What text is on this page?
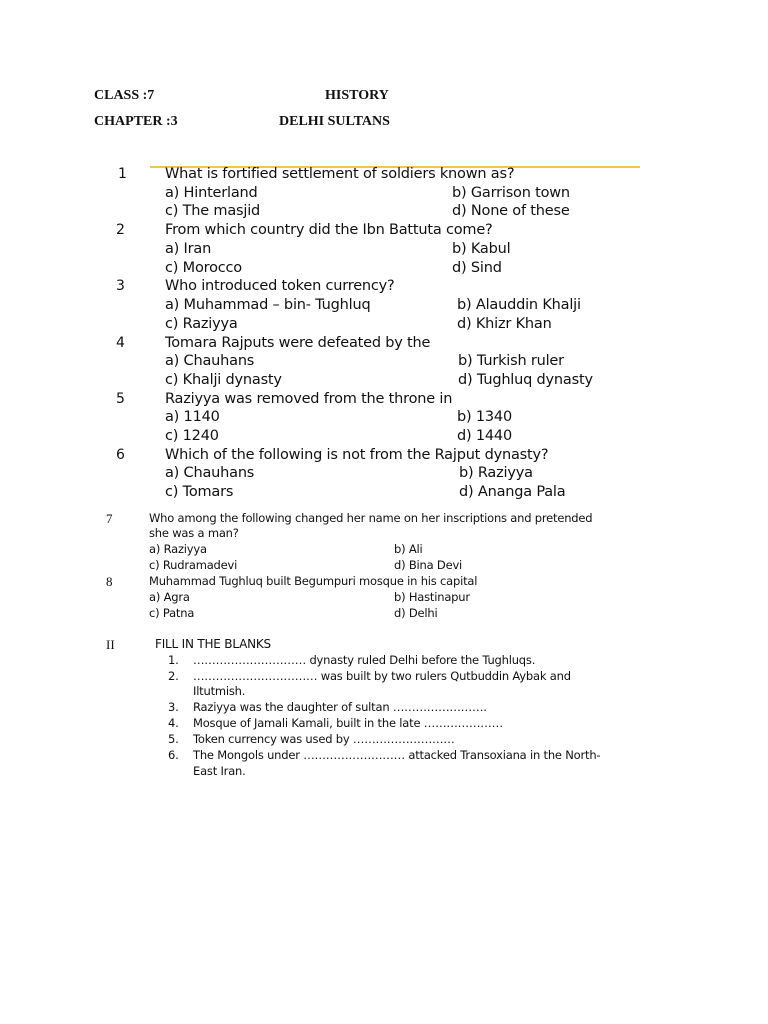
CLASS :7	HISTORY
CHAPTER :3	DELHI SULTANS
1	What is fortified settlement of soldiers known as?
a) Hinterland	b) Garrison town
c) The masjid	d) None of these
2	From which country did the Ibn Battuta come?
a) Iran	b) Kabul
c) Morocco	d) Sind
3	Who introduced token currency?
a) Muhammad – bin- Tughluq	b) Alauddin Khalji
c) Raziyya	d) Khizr Khan
4	Tomara Rajputs were defeated by the
a) Chauhans	b) Turkish ruler
c) Khalji dynasty	d) Tughluq dynasty
5	Raziyya was removed from the throne in
a) 1140	b) 1340
c) 1240	d) 1440
6	Which of the following is not from the Rajput dynasty?
a) Chauhans	b) Raziyya
c) Tomars	d) Ananga Pala
7	Who among the following changed her name on her inscriptions and pretended
she was a man?
a) Raziyya	b) Ali
c) Rudramadevi	d) Bina Devi
8	Muhammad Tughluq built Begumpuri mosque in his capital
a) Agra	b) Hastinapur
c) Patna	d) Delhi
II	FILL IN THE BLANKS
1. ………………………… dynasty ruled Delhi before the Tughluqs.
2. …………………………… was built by two rulers Qutbuddin Aybak and
Iltutmish.
3. Raziyya was the daughter of sultan …………………….
4. Mosque of Jamali Kamali, built in the late …………………
5. Token currency was used by ………………………
6. The Mongols under ……………………… attacked Transoxiana in the North-
East Iran.
